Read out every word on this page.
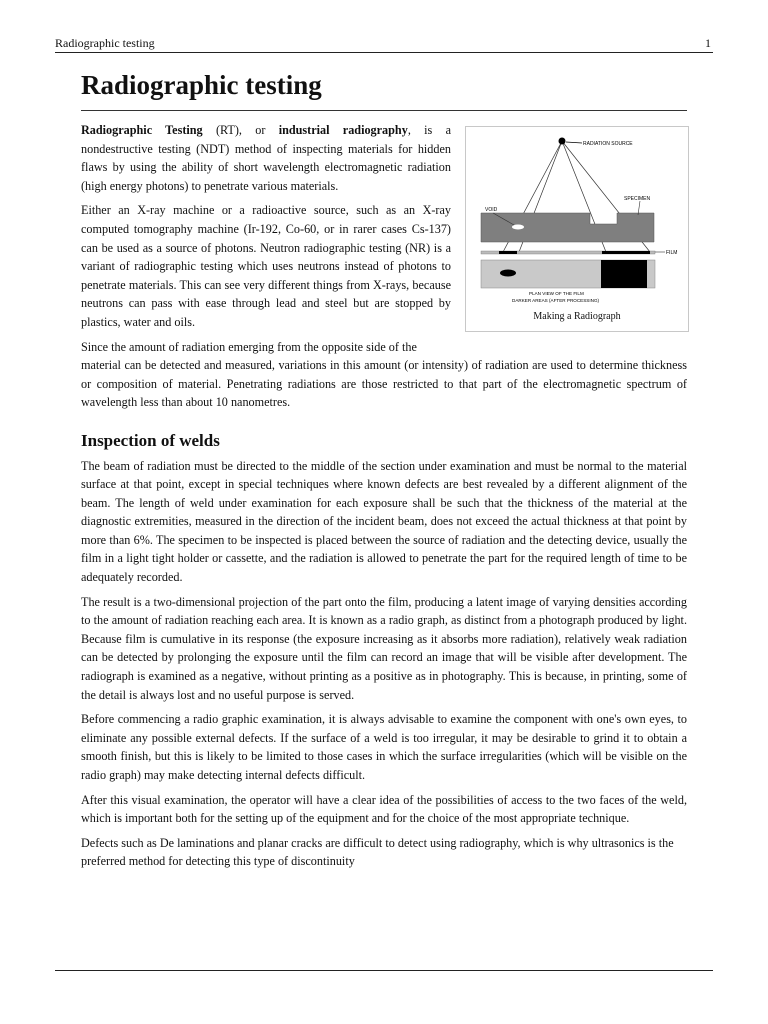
Radiographic testing	1
Radiographic testing
RADIATION SOURCE
SPECIMEN
VOID
FILM
PLAN VIEW OF THE FILM
DARKER AREAS (AFTER PROCESSING)
Making a Radiograph

Radiographic Testing (RT), or industrial radiography, is a nondestructive testing (NDT) method of inspecting materials for hidden flaws by using the ability of short wavelength electromagnetic radiation (high energy photons) to penetrate various materials.

Either an X-ray machine or a radioactive source, such as an X-ray computed tomography machine (Ir-192, Co-60, or in rarer cases Cs-137) can be used as a source of photons. Neutron radiographic testing (NR) is a variant of radiographic testing which uses neutrons instead of photons to penetrate materials. This can see very different things from X-rays, because neutrons can pass with ease through lead and steel but are stopped by plastics, water and oils.

Since the amount of radiation emerging from the opposite side of the

material can be detected and measured, variations in this amount (or intensity) of radiation are used to determine thickness or composition of material. Penetrating radiations are those restricted to that part of the electromagnetic spectrum of wavelength less than about 10 nanometres.

Inspection of welds

The beam of radiation must be directed to the middle of the section under examination and must be normal to the material surface at that point, except in special techniques where known defects are best revealed by a different alignment of the beam. The length of weld under examination for each exposure shall be such that the thickness of the material at the diagnostic extremities, measured in the direction of the incident beam, does not exceed the actual thickness at that point by more than 6%. The specimen to be inspected is placed between the source of radiation and the detecting device, usually the film in a light tight holder or cassette, and the radiation is allowed to penetrate the part for the required length of time to be adequately recorded.

The result is a two-dimensional projection of the part onto the film, producing a latent image of varying densities according to the amount of radiation reaching each area. It is known as a radio graph, as distinct from a photograph produced by light. Because film is cumulative in its response (the exposure increasing as it absorbs more radiation), relatively weak radiation can be detected by prolonging the exposure until the film can record an image that will be visible after development. The radiograph is examined as a negative, without printing as a positive as in photography. This is because, in printing, some of the detail is always lost and no useful purpose is served.

Before commencing a radio graphic examination, it is always advisable to examine the component with one's own eyes, to eliminate any possible external defects. If the surface of a weld is too irregular, it may be desirable to grind it to obtain a smooth finish, but this is likely to be limited to those cases in which the surface irregularities (which will be visible on the radio graph) may make detecting internal defects difficult.

After this visual examination, the operator will have a clear idea of the possibilities of access to the two faces of the weld, which is important both for the setting up of the equipment and for the choice of the most appropriate technique.

Defects such as De laminations and planar cracks are difficult to detect using radiography, which is why ultrasonics is the preferred method for detecting this type of discontinuity
